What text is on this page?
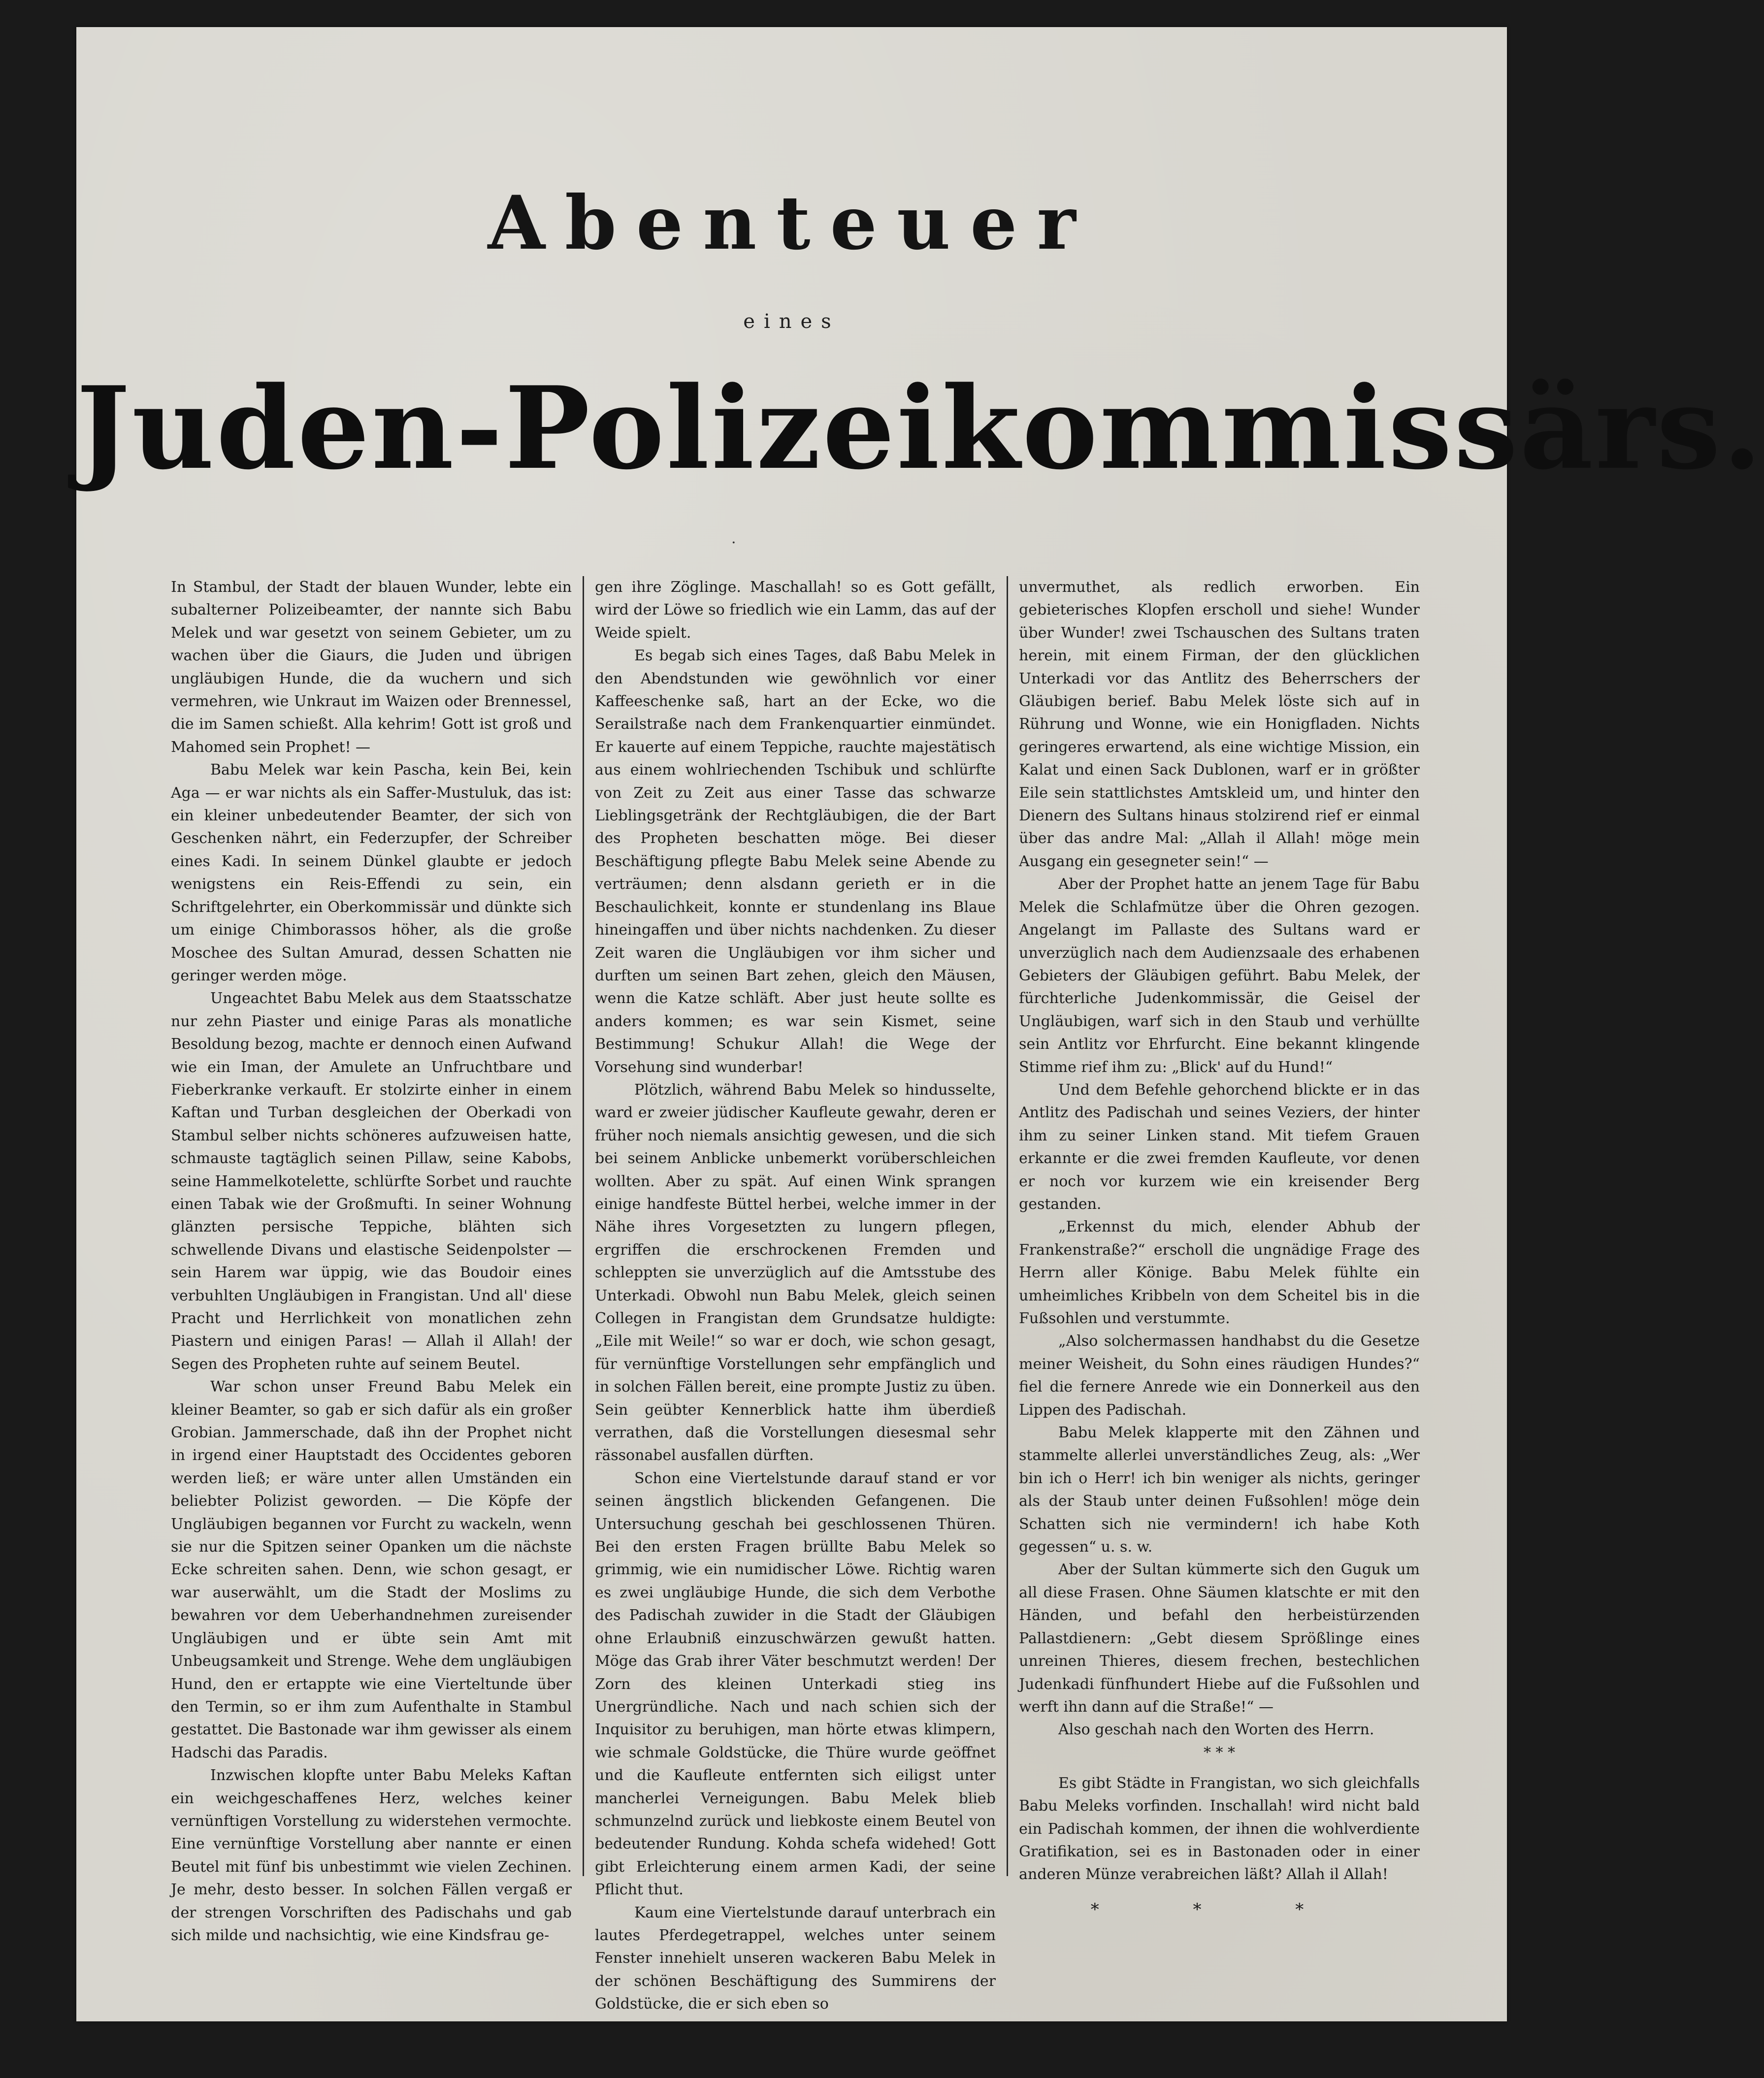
Abenteuer
eines
Juden-Polizeikommissärs.
·

In Stambul, der Stadt der blauen Wunder, lebte ein subalterner Polizeibeamter, der nannte sich Babu Melek und war gesetzt von seinem Gebieter, um zu wachen über die Giaurs, die Juden und übrigen ungläubigen Hunde, die da wuchern und sich vermehren, wie Unkraut im Waizen oder Brennessel, die im Samen schießt. Alla kehrim! Gott ist groß und Mahomed sein Prophet! —

Babu Melek war kein Pascha, kein Bei, kein Aga — er war nichts als ein Saffer-Mustuluk, das ist: ein kleiner unbedeutender Beamter, der sich von Geschenken nährt, ein Federzupfer, der Schreiber eines Kadi. In seinem Dünkel glaubte er jedoch wenigstens ein Reis-Effendi zu sein, ein Schriftgelehrter, ein Oberkommissär und dünkte sich um einige Chimborassos höher, als die große Moschee des Sultan Amurad, dessen Schatten nie geringer werden möge.

Ungeachtet Babu Melek aus dem Staatsschatze nur zehn Piaster und einige Paras als monatliche Besoldung bezog, machte er dennoch einen Aufwand wie ein Iman, der Amulete an Unfruchtbare und Fieberkranke verkauft. Er stolzirte einher in einem Kaftan und Turban desgleichen der Oberkadi von Stambul selber nichts schöneres aufzuweisen hatte, schmauste tagtäglich seinen Pillaw, seine Kabobs, seine Hammelkotelette, schlürfte Sorbet und rauchte einen Tabak wie der Großmufti. In seiner Wohnung glänzten persische Teppiche, blähten sich schwellende Divans und elastische Seidenpolster — sein Harem war üppig, wie das Boudoir eines verbuhlten Ungläubigen in Frangistan. Und all' diese Pracht und Herrlichkeit von monatlichen zehn Piastern und einigen Paras! — Allah il Allah! der Segen des Propheten ruhte auf seinem Beutel.

War schon unser Freund Babu Melek ein kleiner Beamter, so gab er sich dafür als ein großer Grobian. Jammerschade, daß ihn der Prophet nicht in irgend einer Hauptstadt des Occidentes geboren werden ließ; er wäre unter allen Umständen ein beliebter Polizist geworden. — Die Köpfe der Ungläubigen begannen vor Furcht zu wackeln, wenn sie nur die Spitzen seiner Opanken um die nächste Ecke schreiten sahen. Denn, wie schon gesagt, er war auserwählt, um die Stadt der Moslims zu bewahren vor dem Ueberhandnehmen zureisender Ungläubigen und er übte sein Amt mit Unbeugsamkeit und Strenge. Wehe dem ungläubigen Hund, den er ertappte wie eine Vierteltunde über den Termin, so er ihm zum Aufenthalte in Stambul gestattet. Die Bastonade war ihm gewisser als einem Hadschi das Paradis.

Inzwischen klopfte unter Babu Meleks Kaftan ein weichgeschaffenes Herz, welches keiner vernünftigen Vorstellung zu widerstehen vermochte. Eine vernünftige Vorstellung aber nannte er einen Beutel mit fünf bis unbestimmt wie vielen Zechinen. Je mehr, desto besser. In solchen Fällen vergaß er der strengen Vorschriften des Padischahs und gab sich milde und nachsichtig, wie eine Kindsfrau ge-

gen ihre Zöglinge. Maschallah! so es Gott gefällt, wird der Löwe so friedlich wie ein Lamm, das auf der Weide spielt.

Es begab sich eines Tages, daß Babu Melek in den Abendstunden wie gewöhnlich vor einer Kaffeeschenke saß, hart an der Ecke, wo die Serailstraße nach dem Frankenquartier einmündet. Er kauerte auf einem Teppiche, rauchte majestätisch aus einem wohlriechenden Tschibuk und schlürfte von Zeit zu Zeit aus einer Tasse das schwarze Lieblingsgetränk der Rechtgläubigen, die der Bart des Propheten beschatten möge. Bei dieser Beschäftigung pflegte Babu Melek seine Abende zu verträumen; denn alsdann gerieth er in die Beschaulichkeit, konnte er stundenlang ins Blaue hineingaffen und über nichts nachdenken. Zu dieser Zeit waren die Ungläubigen vor ihm sicher und durften um seinen Bart zehen, gleich den Mäusen, wenn die Katze schläft. Aber just heute sollte es anders kommen; es war sein Kismet, seine Bestimmung! Schukur Allah! die Wege der Vorsehung sind wunderbar!

Plötzlich, während Babu Melek so hindusselte, ward er zweier jüdischer Kaufleute gewahr, deren er früher noch niemals ansichtig gewesen, und die sich bei seinem Anblicke unbemerkt vorüberschleichen wollten. Aber zu spät. Auf einen Wink sprangen einige handfeste Büttel herbei, welche immer in der Nähe ihres Vorgesetzten zu lungern pflegen, ergriffen die erschrockenen Fremden und schleppten sie unverzüglich auf die Amtsstube des Unterkadi. Obwohl nun Babu Melek, gleich seinen Collegen in Frangistan dem Grundsatze huldigte: „Eile mit Weile!“ so war er doch, wie schon gesagt, für vernünftige Vorstellungen sehr empfänglich und in solchen Fällen bereit, eine prompte Justiz zu üben. Sein geübter Kennerblick hatte ihm überdieß verrathen, daß die Vorstellungen diesesmal sehr rässonabel ausfallen dürften.

Schon eine Viertelstunde darauf stand er vor seinen ängstlich blickenden Gefangenen. Die Untersuchung geschah bei geschlossenen Thüren. Bei den ersten Fragen brüllte Babu Melek so grimmig, wie ein numidischer Löwe. Richtig waren es zwei ungläubige Hunde, die sich dem Verbothe des Padischah zuwider in die Stadt der Gläubigen ohne Erlaubniß einzuschwärzen gewußt hatten. Möge das Grab ihrer Väter beschmutzt werden! Der Zorn des kleinen Unterkadi stieg ins Unergründliche. Nach und nach schien sich der Inquisitor zu beruhigen, man hörte etwas klimpern, wie schmale Goldstücke, die Thüre wurde geöffnet und die Kaufleute entfernten sich eiligst unter mancherlei Verneigungen. Babu Melek blieb schmunzelnd zurück und liebkoste einem Beutel von bedeutender Rundung. Kohda schefa widehed! Gott gibt Erleichterung einem armen Kadi, der seine Pflicht thut.

Kaum eine Viertelstunde darauf unterbrach ein lautes Pferdegetrappel, welches unter seinem Fenster innehielt unseren wackeren Babu Melek in der schönen Beschäftigung des Summirens der Goldstücke, die er sich eben so

unvermuthet, als redlich erworben. Ein gebieterisches Klopfen erscholl und siehe! Wunder über Wunder! zwei Tschauschen des Sultans traten herein, mit einem Firman, der den glücklichen Unterkadi vor das Antlitz des Beherrschers der Gläubigen berief. Babu Melek löste sich auf in Rührung und Wonne, wie ein Honigfladen. Nichts geringeres erwartend, als eine wichtige Mission, ein Kalat und einen Sack Dublonen, warf er in größter Eile sein stattlichstes Amtskleid um, und hinter den Dienern des Sultans hinaus stolzirend rief er einmal über das andre Mal: „Allah il Allah! möge mein Ausgang ein gesegneter sein!“ —

Aber der Prophet hatte an jenem Tage für Babu Melek die Schlafmütze über die Ohren gezogen. Angelangt im Pallaste des Sultans ward er unverzüglich nach dem Audienzsaale des erhabenen Gebieters der Gläubigen geführt. Babu Melek, der fürchterliche Judenkommissär, die Geisel der Ungläubigen, warf sich in den Staub und verhüllte sein Antlitz vor Ehrfurcht. Eine bekannt klingende Stimme rief ihm zu: „Blick' auf du Hund!“

Und dem Befehle gehorchend blickte er in das Antlitz des Padischah und seines Veziers, der hinter ihm zu seiner Linken stand. Mit tiefem Grauen erkannte er die zwei fremden Kaufleute, vor denen er noch vor kurzem wie ein kreisender Berg gestanden.

„Erkennst du mich, elender Abhub der Frankenstraße?“ erscholl die ungnädige Frage des Herrn aller Könige. Babu Melek fühlte ein umheimliches Kribbeln von dem Scheitel bis in die Fußsohlen und verstummte.

„Also solchermassen handhabst du die Gesetze meiner Weisheit, du Sohn eines räudigen Hundes?“ fiel die fernere Anrede wie ein Donnerkeil aus den Lippen des Padischah.

Babu Melek klapperte mit den Zähnen und stammelte allerlei unverständliches Zeug, als: „Wer bin ich o Herr! ich bin weniger als nichts, geringer als der Staub unter deinen Fußsohlen! möge dein Schatten sich nie vermindern! ich habe Koth gegessen“ u. s. w.

Aber der Sultan kümmerte sich den Guguk um all diese Frasen. Ohne Säumen klatschte er mit den Händen, und befahl den herbeistürzenden Pallastdienern: „Gebt diesem Sprößlinge eines unreinen Thieres, diesem frechen, bestechlichen Judenkadi fünfhundert Hiebe auf die Fußsohlen und werft ihn dann auf die Straße!“ —

Also geschah nach den Worten des Herrn.

* * *

Es gibt Städte in Frangistan, wo sich gleichfalls Babu Meleks vorfinden. Inschallah! wird nicht bald ein Padischah kommen, der ihnen die wohlverdiente Gratifikation, sei es in Bastonaden oder in einer anderen Münze verabreichen läßt? Allah il Allah!

* * *
